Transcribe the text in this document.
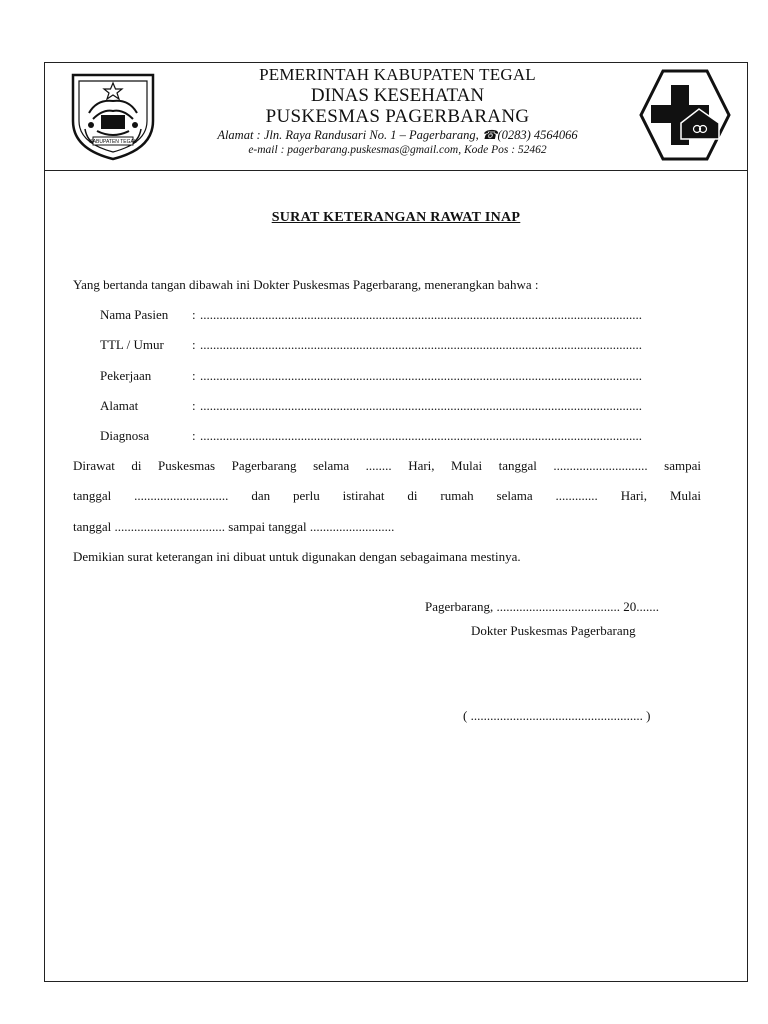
KABUPATEN TEGAL
PEMERINTAH KABUPATEN TEGAL
DINAS KESEHATAN
PUSKESMAS PAGERBARANG
Alamat : Jln. Raya Randusari No. 1 – Pagerbarang, ☎(0283) 4564066
e-mail : pagerbarang.puskesmas@gmail.com, Kode Pos : 52462
SURAT KETERANGAN RAWAT INAP
Yang bertanda tangan dibawah ini Dokter Puskesmas Pagerbarang, menerangkan bahwa :
Nama Pasien : ........................................................................................................................................
TTL / Umur : ........................................................................................................................................
Pekerjaan	: ........................................................................................................................................
Alamat	: ........................................................................................................................................
Diagnosa	: ........................................................................................................................................
Dirawat di Puskesmas Pagerbarang selama ........ Hari, Mulai tanggal ............................. sampai
tanggal ............................. dan perlu istirahat di rumah selama ............. Hari, Mulai
tanggal .................................. sampai tanggal ..........................
Demikian surat keterangan ini dibuat untuk digunakan dengan sebagaimana mestinya.
Pagerbarang, ...................................... 20.......
Dokter Puskesmas Pagerbarang
( ..................................................... )
